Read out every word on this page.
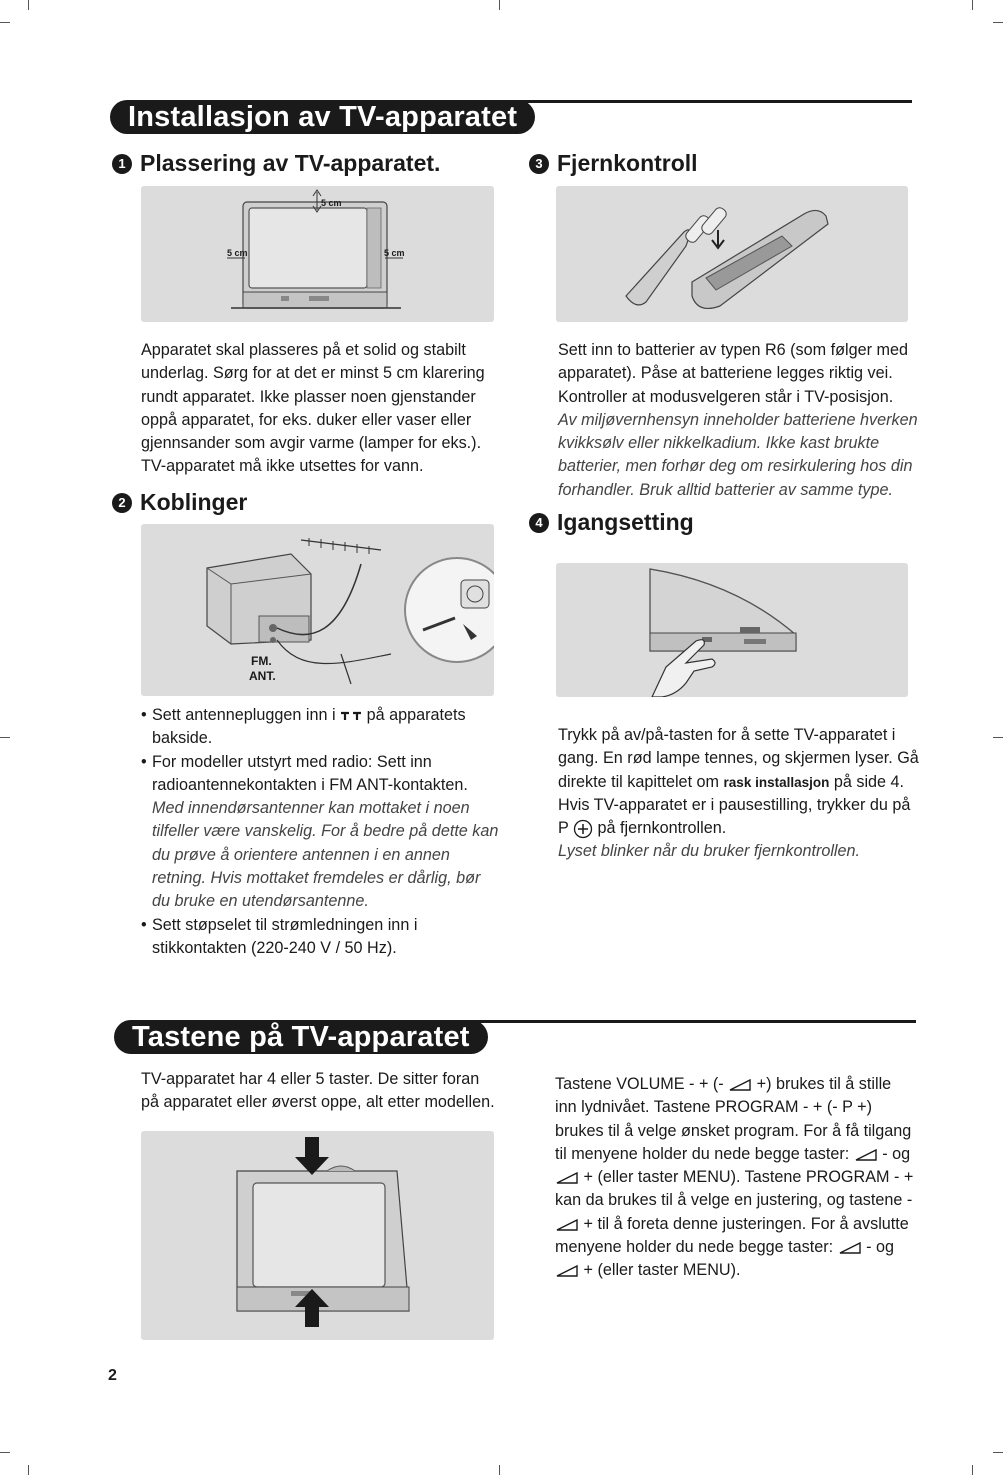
Installasjon av TV-apparatet
1 Plassering av TV-apparatet.
5 cm
5 cm	5 cm

Apparatet skal plasseres på et solid og stabilt underlag. Sørg for at det er minst 5 cm klarering rundt apparatet. Ikke plasser noen gjenstander oppå apparatet, for eks. duker eller vaser eller gjennsander som avgir varme (lamper for eks.). TV-apparatet må ikke utsettes for vann.

2 Koblinger
FM.
ANT.
• Sett antennepluggen inn i på apparatets bakside.
• For modeller utstyrt med radio: Sett inn radioantennekontakten i FM ANT-kontakten.

Med innendørsantenner kan mottaket i noen tilfeller være vanskelig. For å bedre på dette kan du prøve å orientere antennen i en annen retning. Hvis mottaket fremdeles er dårlig, bør du bruke en utendørsantenne.

• Sett støpselet til strømledningen inn i stikkontakten (220-240 V / 50 Hz).
3 Fjernkontroll

Sett inn to batterier av typen R6 (som følger med apparatet). Påse at batteriene legges riktig vei.

Kontroller at modusvelgeren står i TV-posisjon.

Av miljøvernhensyn inneholder batteriene hverken kvikksølv eller nikkelkadium. Ikke kast brukte batterier, men forhør deg om resirkulering hos din forhandler. Bruk alltid batterier av samme type.

4 Igangsetting

Trykk på av/på-tasten for å sette TV-apparatet i gang. En rød lampe tennes, og skjermen lyser. Gå direkte til kapittelet om rask installasjon på side 4. Hvis TV-apparatet er i pausestilling, trykker du på P på fjernkontrollen.

Lyset blinker når du bruker fjernkontrollen.

Tastene på TV-apparatet

TV-apparatet har 4 eller 5 taster. De sitter foran på apparatet eller øverst oppe, alt etter modellen.

Tastene VOLUME - + (- +) brukes til å stille inn lydnivået. Tastene PROGRAM - + (- P +) brukes til å velge ønsket program. For å få tilgang til menyene holder du nede begge taster: - og  + (eller taster MENU). Tastene PROGRAM - + kan da brukes til å velge en justering, og tastene -  + til å foreta denne justeringen. For å avslutte menyene holder du nede begge taster: - og  + (eller taster MENU).

2
